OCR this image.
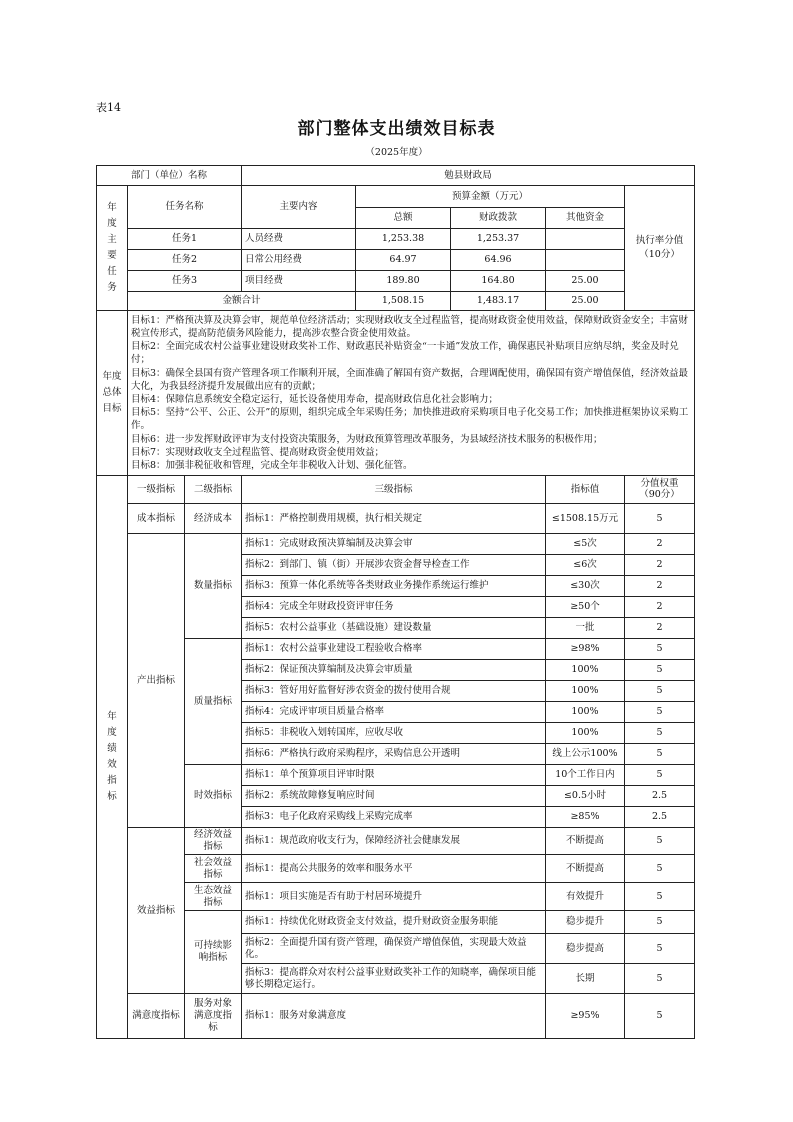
表14
部门整体支出绩效目标表
（2025年度）
部门（单位）名称		勉县财政局				
年度主要任务	任务名称	主要内容	预算金额（万元）			执行率分值（10分）
			总额	财政拨款	其他资金	
	任务1	人员经费	1,253.38	1,253.37		
	任务2	日常公用经费	64.97	64.96		
	任务3	项目经费	189.80	164.80	25.00	
	金额合计		1,508.15	1,483.17	25.00	
年度总体目标	
目标1：严格预决算及决算会审，规范单位经济活动；实现财政收支全过程监管，提高财政资金使用效益，保障财政资金安全；丰富财税宣传形式，提高防范债务风险能力，提高涉农整合资金使用效益。
目标2：全面完成农村公益事业建设财政奖补工作、财政惠民补贴资金“一卡通”发放工作，确保惠民补贴项目应纳尽纳，奖金及时兑付；
目标3：确保全县国有资产管理各项工作顺利开展，全面准确了解国有资产数据，合理调配使用，确保国有资产增值保值，经济效益最大化，为我县经济提升发展做出应有的贡献；
目标4：保障信息系统安全稳定运行，延长设备使用寿命，提高财政信息化社会影响力；
目标5：坚持“公平、公正、公开”的原则，组织完成全年采购任务；加快推进政府采购项目电子化交易工作；加快推进框架协议采购工作。
目标6：进一步发挥财政评审为支付投资决策服务，为财政预算管理改革服务，为县域经济技术服务的积极作用；
目标7：实现财政收支全过程监管、提高财政资金使用效益；
目标8：加强非税征收和管理，完成全年非税收入计划、强化征管。
年度绩效指标	一级指标	二级指标	三级指标	指标值	分值权重（90分）
	成本指标	经济成本	指标1：严格控制费用规模，执行相关规定	≤1508.15万元	5
	产出指标	数量指标	指标1：完成财政预决算编制及决算会审	≤5次	2
			指标2：到部门、镇（街）开展涉农资金督导检查工作	≤6次	2
			指标3：预算一体化系统等各类财政业务操作系统运行维护	≤30次	2
			指标4：完成全年财政投资评审任务	≥50个	2
			指标5：农村公益事业（基础设施）建设数量	一批	2
		质量指标	指标1：农村公益事业建设工程验收合格率	≥98%	5
			指标2：保证预决算编制及决算会审质量	100%	5
			指标3：管好用好监督好涉农资金的拨付使用合规	100%	5
			指标4：完成评审项目质量合格率	100%	5
			指标5：非税收入划转国库，应收尽收	100%	5
			指标6：严格执行政府采购程序，采购信息公开透明	线上公示100%	5
		时效指标	指标1：单个预算项目评审时限	10个工作日内	5
			指标2：系统故障修复响应时间	≤0.5小时	2.5
			指标3：电子化政府采购线上采购完成率	≥85%	2.5
	效益指标	经济效益指标	指标1：规范政府收支行为，保障经济社会健康发展	不断提高	5
		社会效益指标	指标1：提高公共服务的效率和服务水平	不断提高	5
		生态效益指标	指标1：项目实施是否有助于村居环境提升	有效提升	5
		可持续影响指标	指标1：持续优化财政资金支付效益，提升财政资金服务职能	稳步提升	5
			指标2：全面提升国有资产管理，确保资产增值保值，实现最大效益化。	稳步提高	5
			指标3：提高群众对农村公益事业财政奖补工作的知晓率，确保项目能够长期稳定运行。	长期	5
	满意度指标	服务对象满意度指标	指标1：服务对象满意度	≥95%	5
